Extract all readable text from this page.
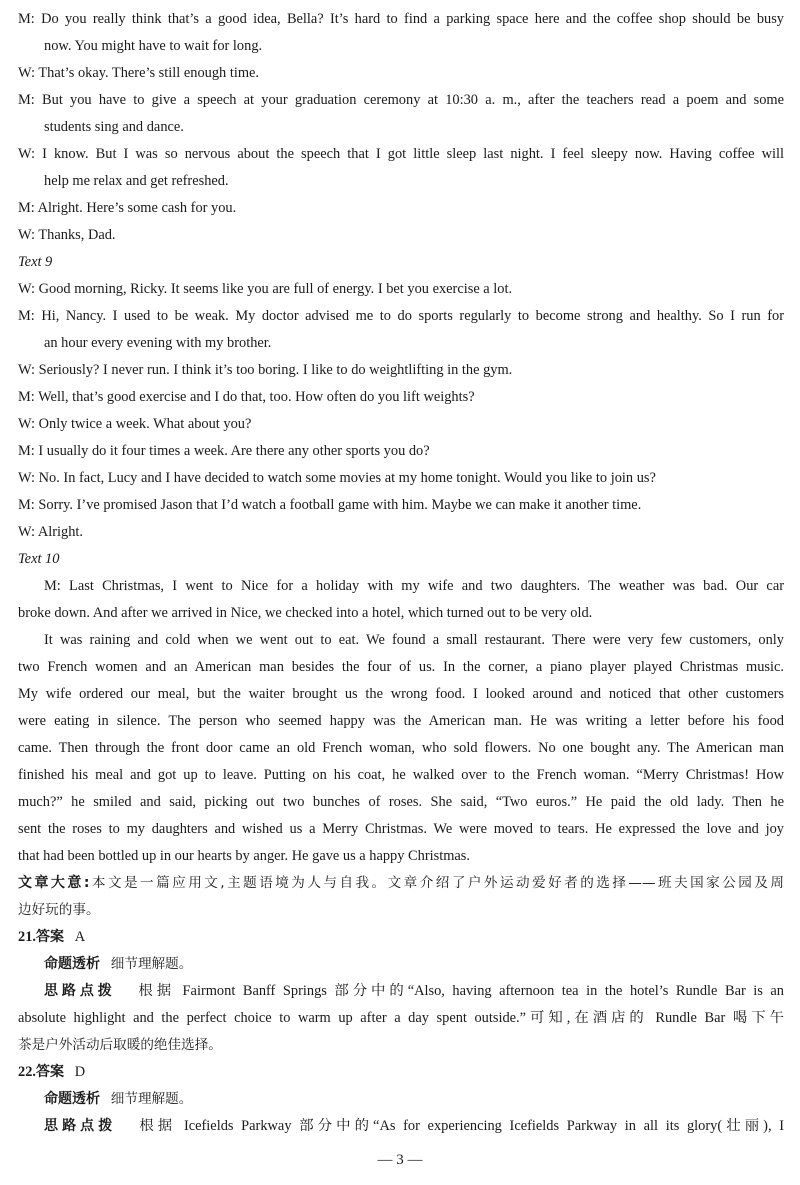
M: Do you really think that’s a good idea, Bella? It’s hard to find a parking space here and the coffee shop should be busy
now. You might have to wait for long.
W: That’s okay. There’s still enough time.
M: But you have to give a speech at your graduation ceremony at 10:30 a. m., after the teachers read a poem and some
students sing and dance.
W: I know. But I was so nervous about the speech that I got little sleep last night. I feel sleepy now. Having coffee will
help me relax and get refreshed.
M: Alright. Here’s some cash for you.
W: Thanks, Dad.
Text 9
W: Good morning, Ricky. It seems like you are full of energy. I bet you exercise a lot.
M: Hi, Nancy. I used to be weak. My doctor advised me to do sports regularly to become strong and healthy. So I run for
an hour every evening with my brother.
W: Seriously? I never run. I think it’s too boring. I like to do weightlifting in the gym.
M: Well, that’s good exercise and I do that, too. How often do you lift weights?
W: Only twice a week. What about you?
M: I usually do it four times a week. Are there any other sports you do?
W: No. In fact, Lucy and I have decided to watch some movies at my home tonight. Would you like to join us?
M: Sorry. I’ve promised Jason that I’d watch a football game with him. Maybe we can make it another time.
W: Alright.
Text 10
M: Last Christmas, I went to Nice for a holiday with my wife and two daughters. The weather was bad. Our car
broke down. And after we arrived in Nice, we checked into a hotel, which turned out to be very old.
It was raining and cold when we went out to eat. We found a small restaurant. There were very few customers, only
two French women and an American man besides the four of us. In the corner, a piano player played Christmas music.
My wife ordered our meal, but the waiter brought us the wrong food. I looked around and noticed that other customers
were eating in silence. The person who seemed happy was the American man. He was writing a letter before his food
came. Then through the front door came an old French woman, who sold flowers. No one bought any. The American man
finished his meal and got up to leave. Putting on his coat, he walked over to the French woman. “Merry Christmas! How
much?” he smiled and said, picking out two bunches of roses. She said, “Two euros.” He paid the old lady. Then he
sent the roses to my daughters and wished us a Merry Christmas. We were moved to tears. He expressed the love and joy
that had been bottled up in our hearts by anger. He gave us a happy Christmas.
文章大意:本文是一篇应用文,主题语境为人与自我。文章介绍了户外运动爱好者的选择——班夫国家公园及周
边好玩的事。
21.答案 A
命题透析 细节理解题。
思路点拨 根据 Fairmont Banff Springs 部分中的“Also, having afternoon tea in the hotel’s Rundle Bar is an
absolute highlight and the perfect choice to warm up after a day spent outside.”可知,在酒店的 Rundle Bar 喝下午
茶是户外活动后取暖的绝佳选择。
22.答案 D
命题透析 细节理解题。
思路点拨 根据 Icefields Parkway 部分中的“As for experiencing Icefields Parkway in all its glory(壮丽), I
— 3 —
